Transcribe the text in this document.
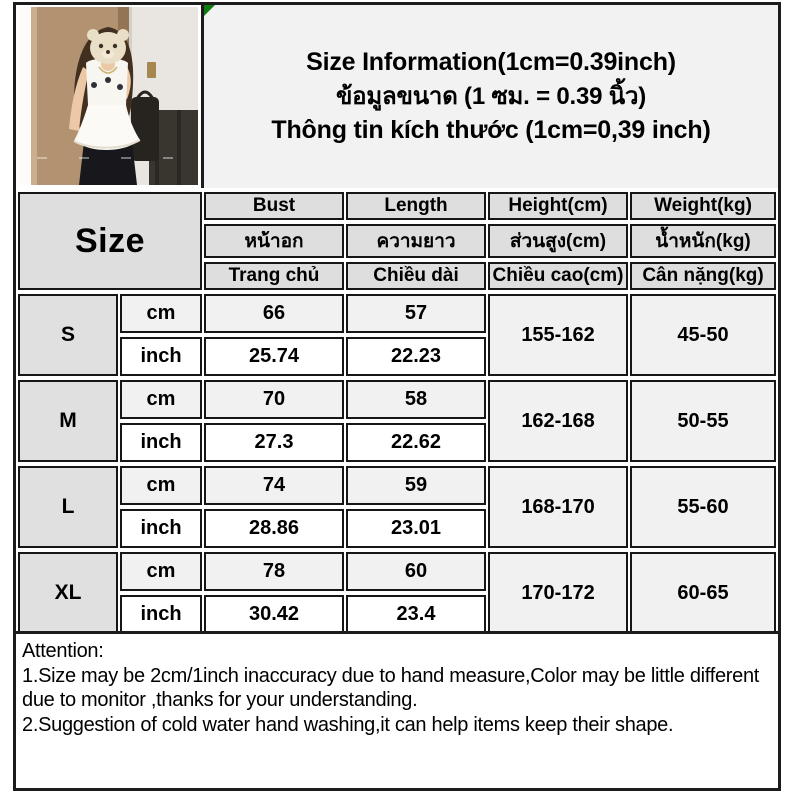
Size Information(1cm=0.39inch)
ข้อมูลขนาด (1 ซม. = 0.39 นิ้ว)
Thông tin kích thước (1cm=0,39 inch)
Size		Bust	Length	Height(cm)	Weight(kg)
		หน้าอก	ความยาว	ส่วนสูง(cm)	น้ำหนัก(kg)
		Trang chủ	Chiều dài	Chiều cao(cm)	Cân nặng(kg)
S	cm	66	57	155-162	45-50
	inch	25.74	22.23		
M	cm	70	58	162-168	50-55
	inch	27.3	22.62		
L	cm	74	59	168-170	55-60
	inch	28.86	23.01		
XL	cm	78	60	170-172	60-65
	inch	30.42	23.4		

Attention:

1.Size may be 2cm/1inch inaccuracy due to hand measure,Color may be little different due to monitor ,thanks for your understanding.

2.Suggestion of cold water hand washing,it can help items keep their shape.
